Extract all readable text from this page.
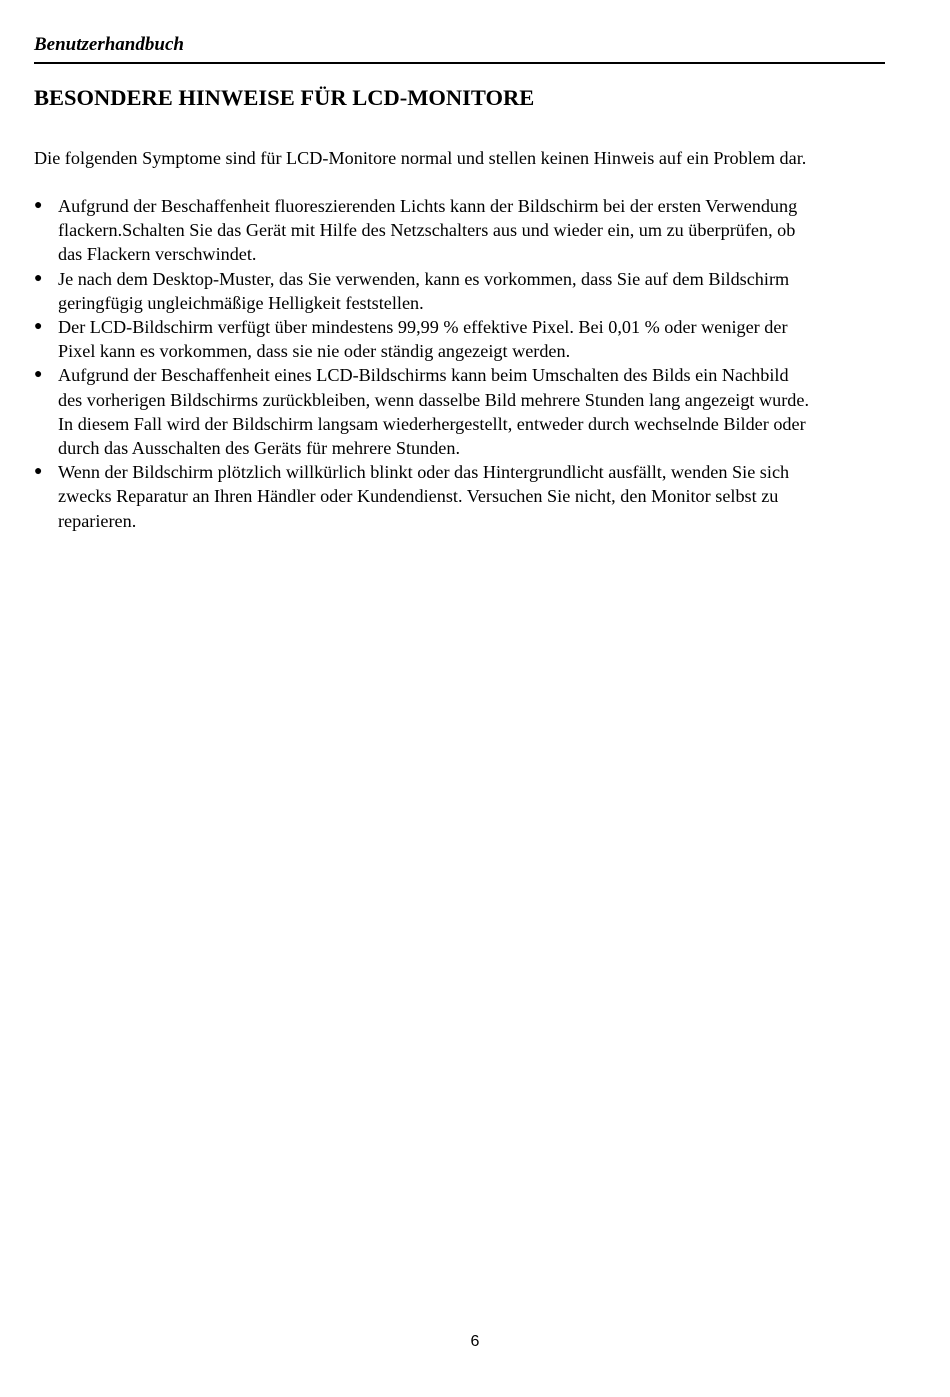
Benutzerhandbuch
BESONDERE HINWEISE FÜR LCD-MONITORE

Die folgenden Symptome sind für LCD-Monitore normal und stellen keinen Hinweis auf ein Problem dar.

● Aufgrund der Beschaffenheit fluoreszierenden Lichts kann der Bildschirm bei der ersten Verwendung
flackern.Schalten Sie das Gerät mit Hilfe des Netzschalters aus und wieder ein, um zu überprüfen, ob
das Flackern verschwindet.
● Je nach dem Desktop-Muster, das Sie verwenden, kann es vorkommen, dass Sie auf dem Bildschirm
geringfügig ungleichmäßige Helligkeit feststellen.
● Der LCD-Bildschirm verfügt über mindestens 99,99 % effektive Pixel. Bei 0,01 % oder weniger der
Pixel kann es vorkommen, dass sie nie oder ständig angezeigt werden.
● Aufgrund der Beschaffenheit eines LCD-Bildschirms kann beim Umschalten des Bilds ein Nachbild
des vorherigen Bildschirms zurückbleiben, wenn dasselbe Bild mehrere Stunden lang angezeigt wurde.
In diesem Fall wird der Bildschirm langsam wiederhergestellt, entweder durch wechselnde Bilder oder
durch das Ausschalten des Geräts für mehrere Stunden.
● Wenn der Bildschirm plötzlich willkürlich blinkt oder das Hintergrundlicht ausfällt, wenden Sie sich
zwecks Reparatur an Ihren Händler oder Kundendienst. Versuchen Sie nicht, den Monitor selbst zu
reparieren.
6
